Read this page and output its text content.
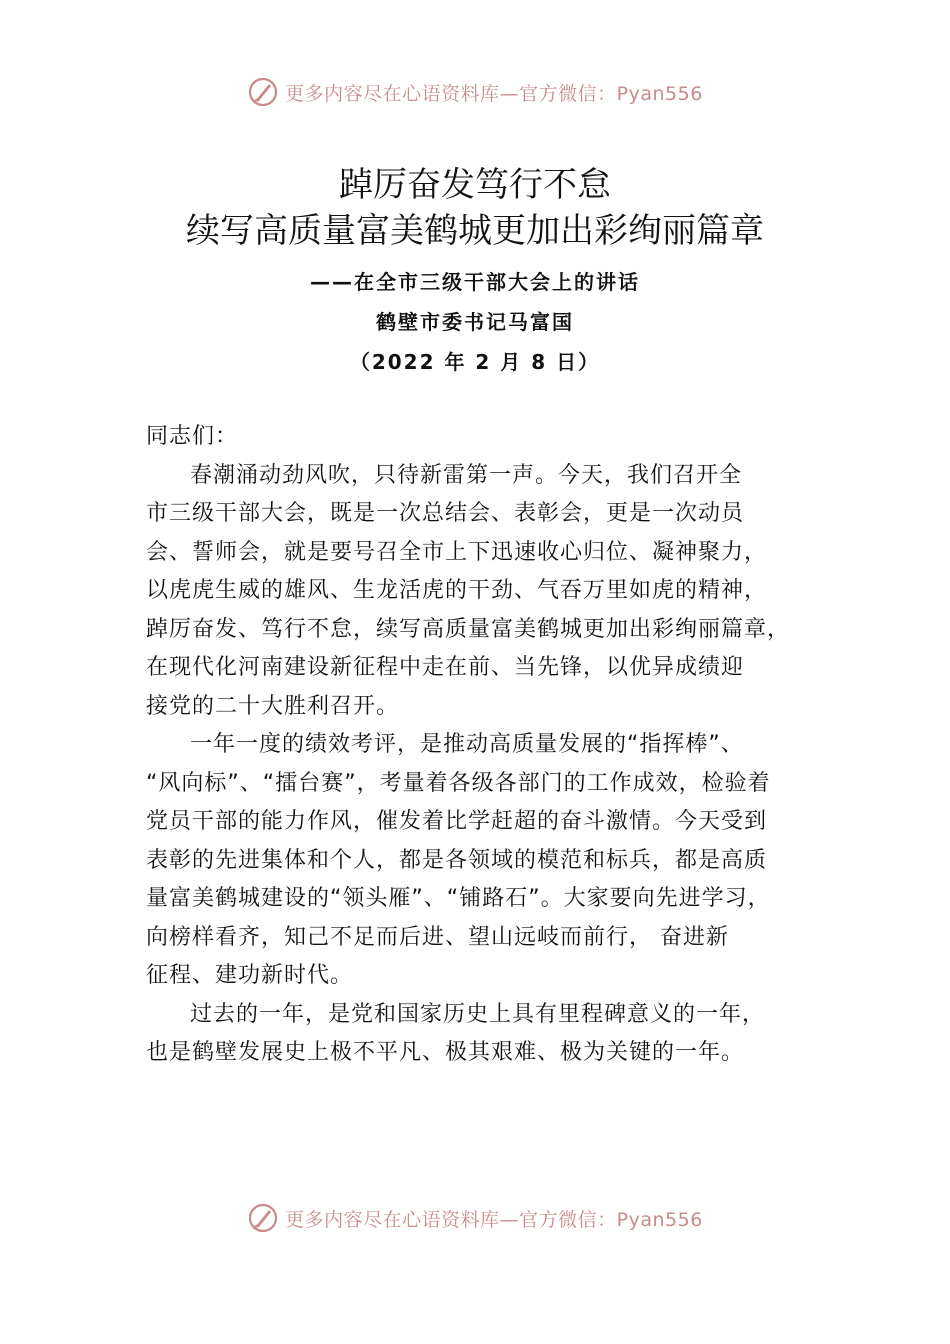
更多内容尽在心语资料库—官方微信：Pyan556
踔厉奋发笃行不怠
续写高质量富美鹤城更加出彩绚丽篇章
——在全市三级干部大会上的讲话
鹤壁市委书记马富国
（2022 年 2 月 8 日）

同志们：

春潮涌动劲风吹，只待新雷第一声。今天，我们召开全
市三级干部大会，既是一次总结会、表彰会，更是一次动员
会、誓师会，就是要号召全市上下迅速收心归位、凝神聚力，
以虎虎生威的雄风、生龙活虎的干劲、气吞万里如虎的精神，
踔厉奋发、笃行不怠，续写高质量富美鹤城更加出彩绚丽篇章，
在现代化河南建设新征程中走在前、当先锋，以优异成绩迎
接党的二十大胜利召开。

一年一度的绩效考评，是推动高质量发展的“指挥棒”、
“风向标”、“擂台赛”，考量着各级各部门的工作成效，检验着
党员干部的能力作风，催发着比学赶超的奋斗激情。今天受到
表彰的先进集体和个人，都是各领域的模范和标兵，都是高质
量富美鹤城建设的“领头雁”、“铺路石”。大家要向先进学习，
向榜样看齐，知己不足而后进、望山远岐而前行， 奋进新
征程、建功新时代。

过去的一年，是党和国家历史上具有里程碑意义的一年，
也是鹤壁发展史上极不平凡、极其艰难、极为关键的一年。

更多内容尽在心语资料库—官方微信：Pyan556
